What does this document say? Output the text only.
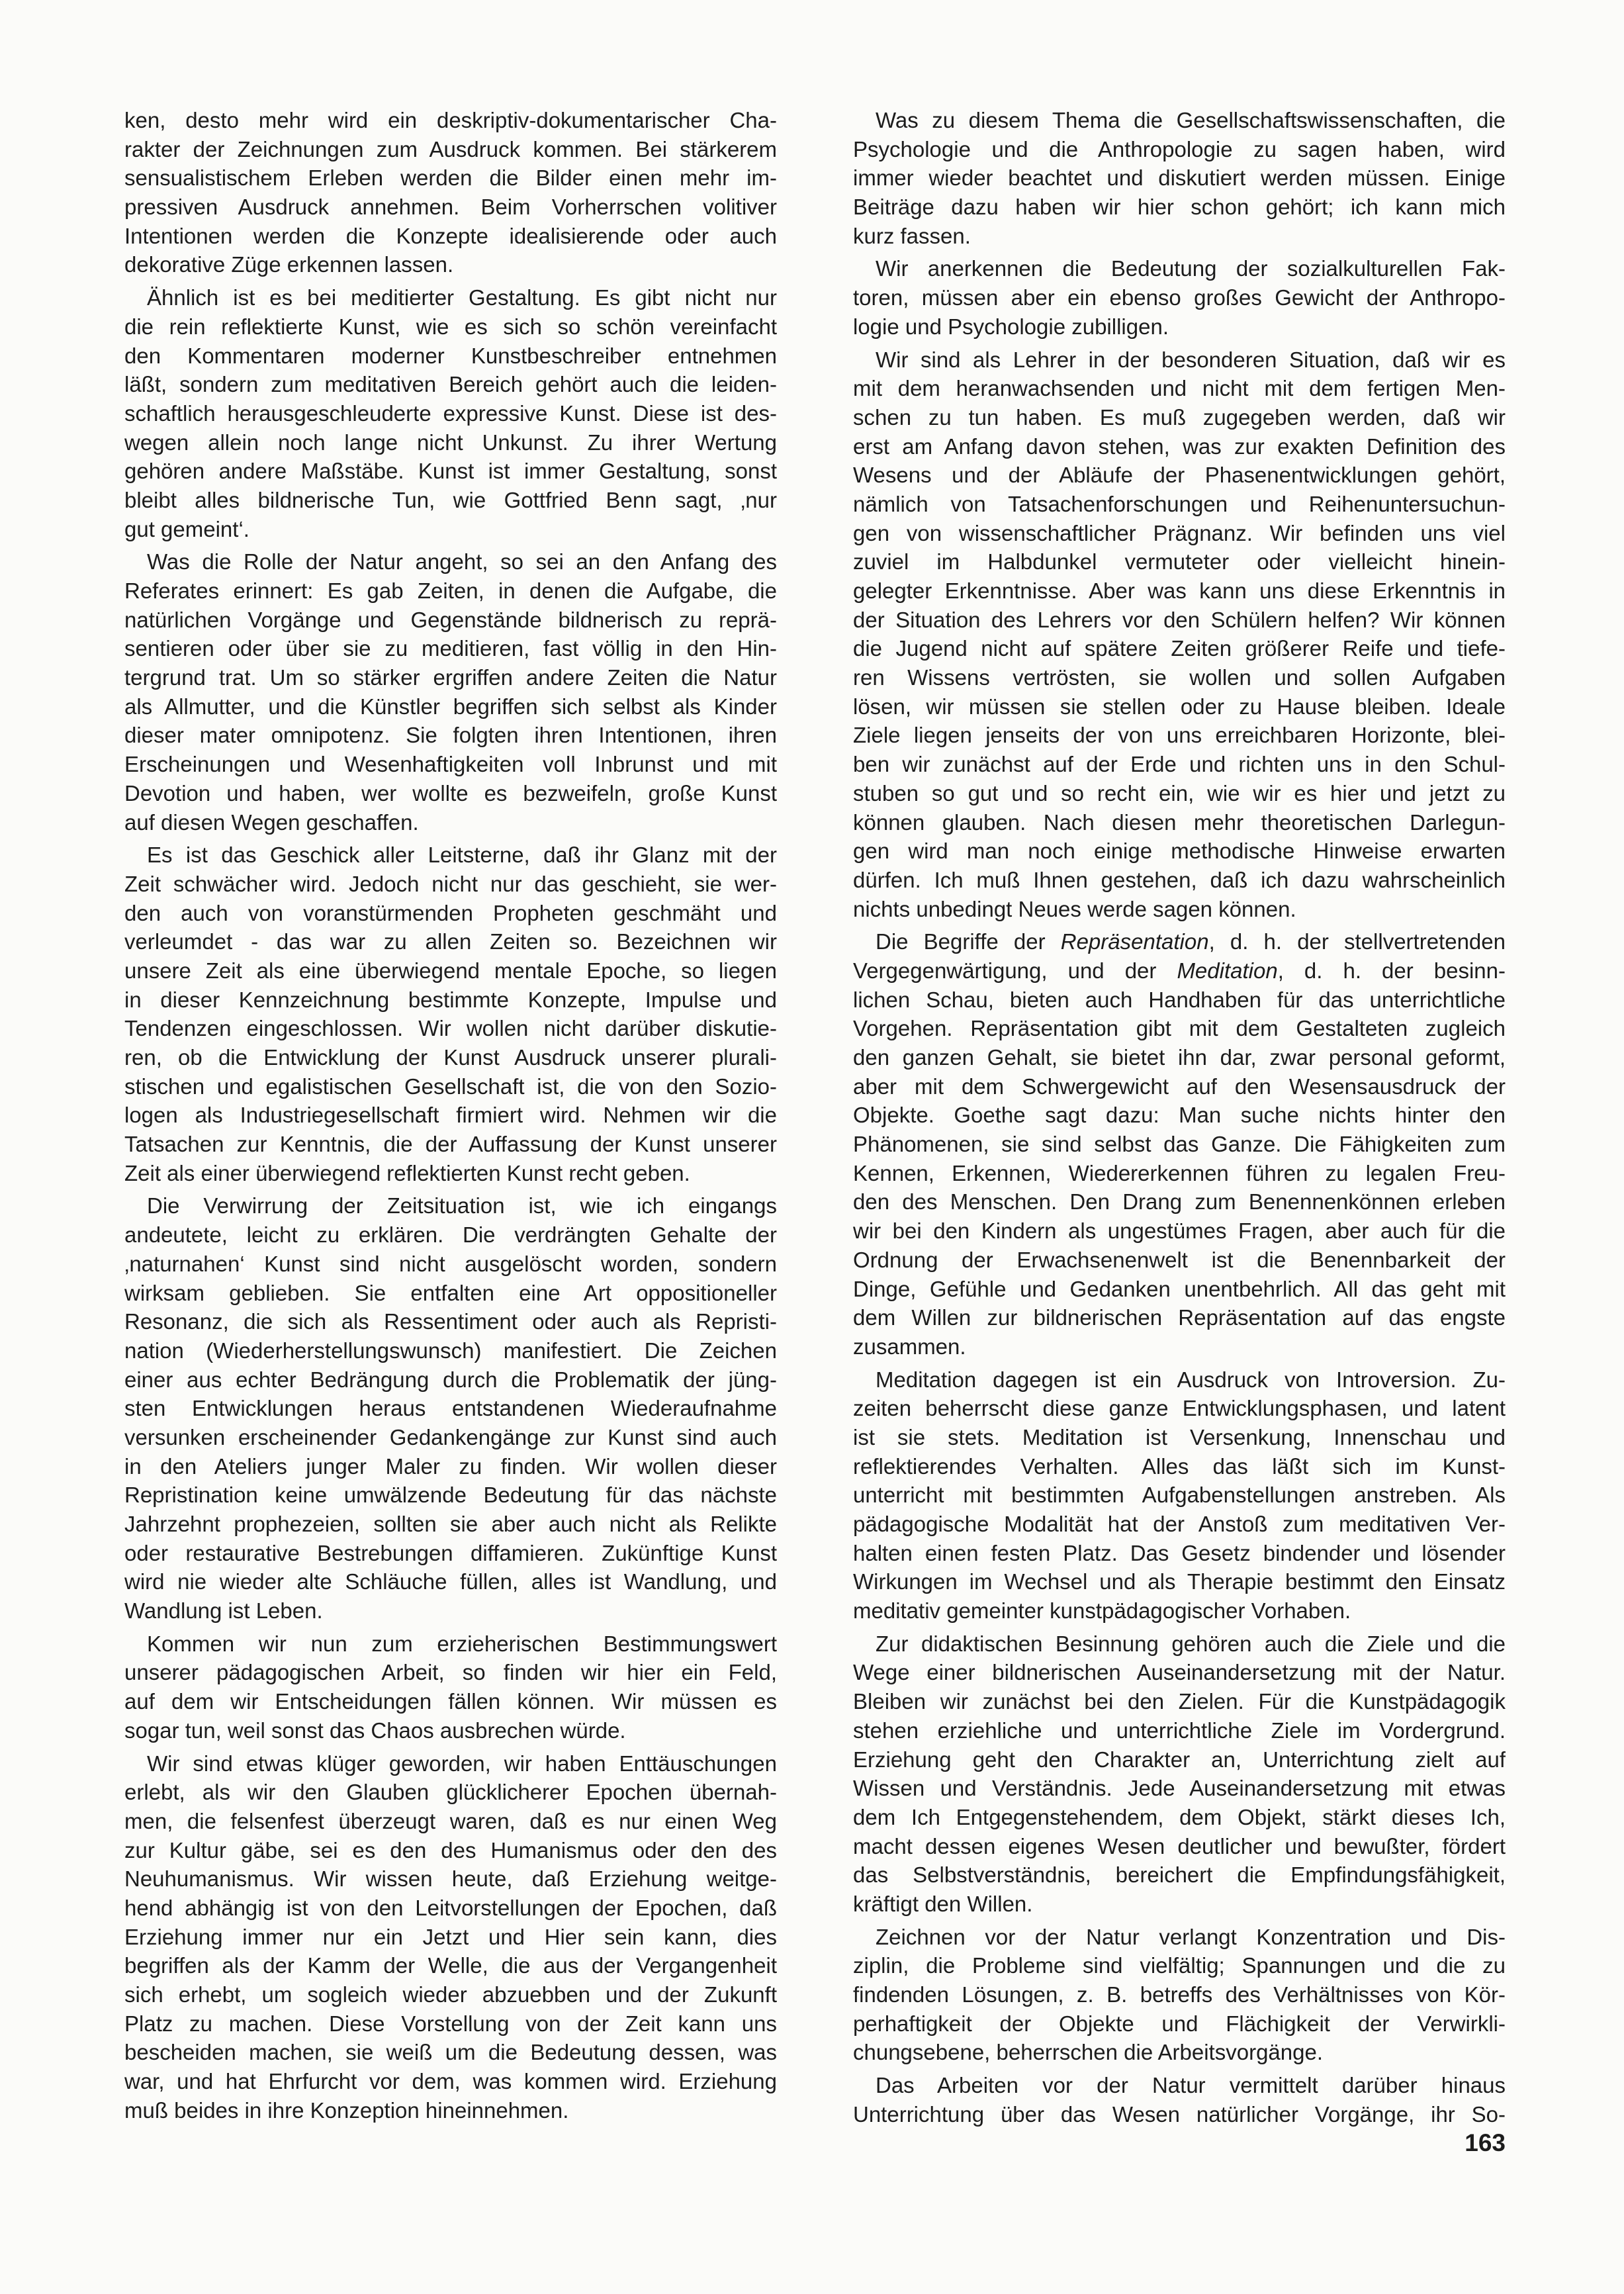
ken, desto mehr wird ein deskriptiv-dokumentarischer Cha-
rakter der Zeichnungen zum Ausdruck kommen. Bei stärkerem
sensualistischem Erleben werden die Bilder einen mehr im-
pressiven Ausdruck annehmen. Beim Vorherrschen volitiver
Intentionen werden die Konzepte idealisierende oder auch
dekorative Züge erkennen lassen.
Ähnlich ist es bei meditierter Gestaltung. Es gibt nicht nur
die rein reflektierte Kunst, wie es sich so schön vereinfacht
den Kommentaren moderner Kunstbeschreiber entnehmen
läßt, sondern zum meditativen Bereich gehört auch die leiden-
schaftlich herausgeschleuderte expressive Kunst. Diese ist des-
wegen allein noch lange nicht Unkunst. Zu ihrer Wertung
gehören andere Maßstäbe. Kunst ist immer Gestaltung, sonst
bleibt alles bildnerische Tun, wie Gottfried Benn sagt, ‚nur
gut gemeint‘.
Was die Rolle der Natur angeht, so sei an den Anfang des
Referates erinnert: Es gab Zeiten, in denen die Aufgabe, die
natürlichen Vorgänge und Gegenstände bildnerisch zu reprä-
sentieren oder über sie zu meditieren, fast völlig in den Hin-
tergrund trat. Um so stärker ergriffen andere Zeiten die Natur
als Allmutter, und die Künstler begriffen sich selbst als Kinder
dieser mater omnipotenz. Sie folgten ihren Intentionen, ihren
Erscheinungen und Wesenhaftigkeiten voll Inbrunst und mit
Devotion und haben, wer wollte es bezweifeln, große Kunst
auf diesen Wegen geschaffen.
Es ist das Geschick aller Leitsterne, daß ihr Glanz mit der
Zeit schwächer wird. Jedoch nicht nur das geschieht, sie wer-
den auch von voranstürmenden Propheten geschmäht und
verleumdet - das war zu allen Zeiten so. Bezeichnen wir
unsere Zeit als eine überwiegend mentale Epoche, so liegen
in dieser Kennzeichnung bestimmte Konzepte, Impulse und
Tendenzen eingeschlossen. Wir wollen nicht darüber diskutie-
ren, ob die Entwicklung der Kunst Ausdruck unserer plurali-
stischen und egalistischen Gesellschaft ist, die von den Sozio-
logen als Industriegesellschaft firmiert wird. Nehmen wir die
Tatsachen zur Kenntnis, die der Auffassung der Kunst unserer
Zeit als einer überwiegend reflektierten Kunst recht geben.
Die Verwirrung der Zeitsituation ist, wie ich eingangs
andeutete, leicht zu erklären. Die verdrängten Gehalte der
‚naturnahen‘ Kunst sind nicht ausgelöscht worden, sondern
wirksam geblieben. Sie entfalten eine Art oppositioneller
Resonanz, die sich als Ressentiment oder auch als Repristi-
nation (Wiederherstellungswunsch) manifestiert. Die Zeichen
einer aus echter Bedrängung durch die Problematik der jüng-
sten Entwicklungen heraus entstandenen Wiederaufnahme
versunken erscheinender Gedankengänge zur Kunst sind auch
in den Ateliers junger Maler zu finden. Wir wollen dieser
Repristination keine umwälzende Bedeutung für das nächste
Jahrzehnt prophezeien, sollten sie aber auch nicht als Relikte
oder restaurative Bestrebungen diffamieren. Zukünftige Kunst
wird nie wieder alte Schläuche füllen, alles ist Wandlung, und
Wandlung ist Leben.
Kommen wir nun zum erzieherischen Bestimmungswert
unserer pädagogischen Arbeit, so finden wir hier ein Feld,
auf dem wir Entscheidungen fällen können. Wir müssen es
sogar tun, weil sonst das Chaos ausbrechen würde.
Wir sind etwas klüger geworden, wir haben Enttäuschungen
erlebt, als wir den Glauben glücklicherer Epochen übernah-
men, die felsenfest überzeugt waren, daß es nur einen Weg
zur Kultur gäbe, sei es den des Humanismus oder den des
Neuhumanismus. Wir wissen heute, daß Erziehung weitge-
hend abhängig ist von den Leitvorstellungen der Epochen, daß
Erziehung immer nur ein Jetzt und Hier sein kann, dies
begriffen als der Kamm der Welle, die aus der Vergangenheit
sich erhebt, um sogleich wieder abzuebben und der Zukunft
Platz zu machen. Diese Vorstellung von der Zeit kann uns
bescheiden machen, sie weiß um die Bedeutung dessen, was
war, und hat Ehrfurcht vor dem, was kommen wird. Erziehung
muß beides in ihre Konzeption hineinnehmen.
Was zu diesem Thema die Gesellschaftswissenschaften, die
Psychologie und die Anthropologie zu sagen haben, wird
immer wieder beachtet und diskutiert werden müssen. Einige
Beiträge dazu haben wir hier schon gehört; ich kann mich
kurz fassen.
Wir anerkennen die Bedeutung der sozialkulturellen Fak-
toren, müssen aber ein ebenso großes Gewicht der Anthropo-
logie und Psychologie zubilligen.
Wir sind als Lehrer in der besonderen Situation, daß wir es
mit dem heranwachsenden und nicht mit dem fertigen Men-
schen zu tun haben. Es muß zugegeben werden, daß wir
erst am Anfang davon stehen, was zur exakten Definition des
Wesens und der Abläufe der Phasenentwicklungen gehört,
nämlich von Tatsachenforschungen und Reihenuntersuchun-
gen von wissenschaftlicher Prägnanz. Wir befinden uns viel
zuviel im Halbdunkel vermuteter oder vielleicht hinein-
gelegter Erkenntnisse. Aber was kann uns diese Erkenntnis in
der Situation des Lehrers vor den Schülern helfen? Wir können
die Jugend nicht auf spätere Zeiten größerer Reife und tiefe-
ren Wissens vertrösten, sie wollen und sollen Aufgaben
lösen, wir müssen sie stellen oder zu Hause bleiben. Ideale
Ziele liegen jenseits der von uns erreichbaren Horizonte, blei-
ben wir zunächst auf der Erde und richten uns in den Schul-
stuben so gut und so recht ein, wie wir es hier und jetzt zu
können glauben. Nach diesen mehr theoretischen Darlegun-
gen wird man noch einige methodische Hinweise erwarten
dürfen. Ich muß Ihnen gestehen, daß ich dazu wahrscheinlich
nichts unbedingt Neues werde sagen können.
Die Begriffe der Repräsentation, d. h. der stellvertretenden
Vergegenwärtigung, und der Meditation, d. h. der besinn-
lichen Schau, bieten auch Handhaben für das unterrichtliche
Vorgehen. Repräsentation gibt mit dem Gestalteten zugleich
den ganzen Gehalt, sie bietet ihn dar, zwar personal geformt,
aber mit dem Schwergewicht auf den Wesensausdruck der
Objekte. Goethe sagt dazu: Man suche nichts hinter den
Phänomenen, sie sind selbst das Ganze. Die Fähigkeiten zum
Kennen, Erkennen, Wiedererkennen führen zu legalen Freu-
den des Menschen. Den Drang zum Benennenkönnen erleben
wir bei den Kindern als ungestümes Fragen, aber auch für die
Ordnung der Erwachsenenwelt ist die Benennbarkeit der
Dinge, Gefühle und Gedanken unentbehrlich. All das geht mit
dem Willen zur bildnerischen Repräsentation auf das engste
zusammen.
Meditation dagegen ist ein Ausdruck von Introversion. Zu-
zeiten beherrscht diese ganze Entwicklungsphasen, und latent
ist sie stets. Meditation ist Versenkung, Innenschau und
reflektierendes Verhalten. Alles das läßt sich im Kunst-
unterricht mit bestimmten Aufgabenstellungen anstreben. Als
pädagogische Modalität hat der Anstoß zum meditativen Ver-
halten einen festen Platz. Das Gesetz bindender und lösender
Wirkungen im Wechsel und als Therapie bestimmt den Einsatz
meditativ gemeinter kunstpädagogischer Vorhaben.
Zur didaktischen Besinnung gehören auch die Ziele und die
Wege einer bildnerischen Auseinandersetzung mit der Natur.
Bleiben wir zunächst bei den Zielen. Für die Kunstpädagogik
stehen erziehliche und unterrichtliche Ziele im Vordergrund.
Erziehung geht den Charakter an, Unterrichtung zielt auf
Wissen und Verständnis. Jede Auseinandersetzung mit etwas
dem Ich Entgegenstehendem, dem Objekt, stärkt dieses Ich,
macht dessen eigenes Wesen deutlicher und bewußter, fördert
das Selbstverständnis, bereichert die Empfindungsfähigkeit,
kräftigt den Willen.
Zeichnen vor der Natur verlangt Konzentration und Dis-
ziplin, die Probleme sind vielfältig; Spannungen und die zu
findenden Lösungen, z. B. betreffs des Verhältnisses von Kör-
perhaftigkeit der Objekte und Flächigkeit der Verwirkli-
chungsebene, beherrschen die Arbeitsvorgänge.
Das Arbeiten vor der Natur vermittelt darüber hinaus
Unterrichtung über das Wesen natürlicher Vorgänge, ihr So-
163
